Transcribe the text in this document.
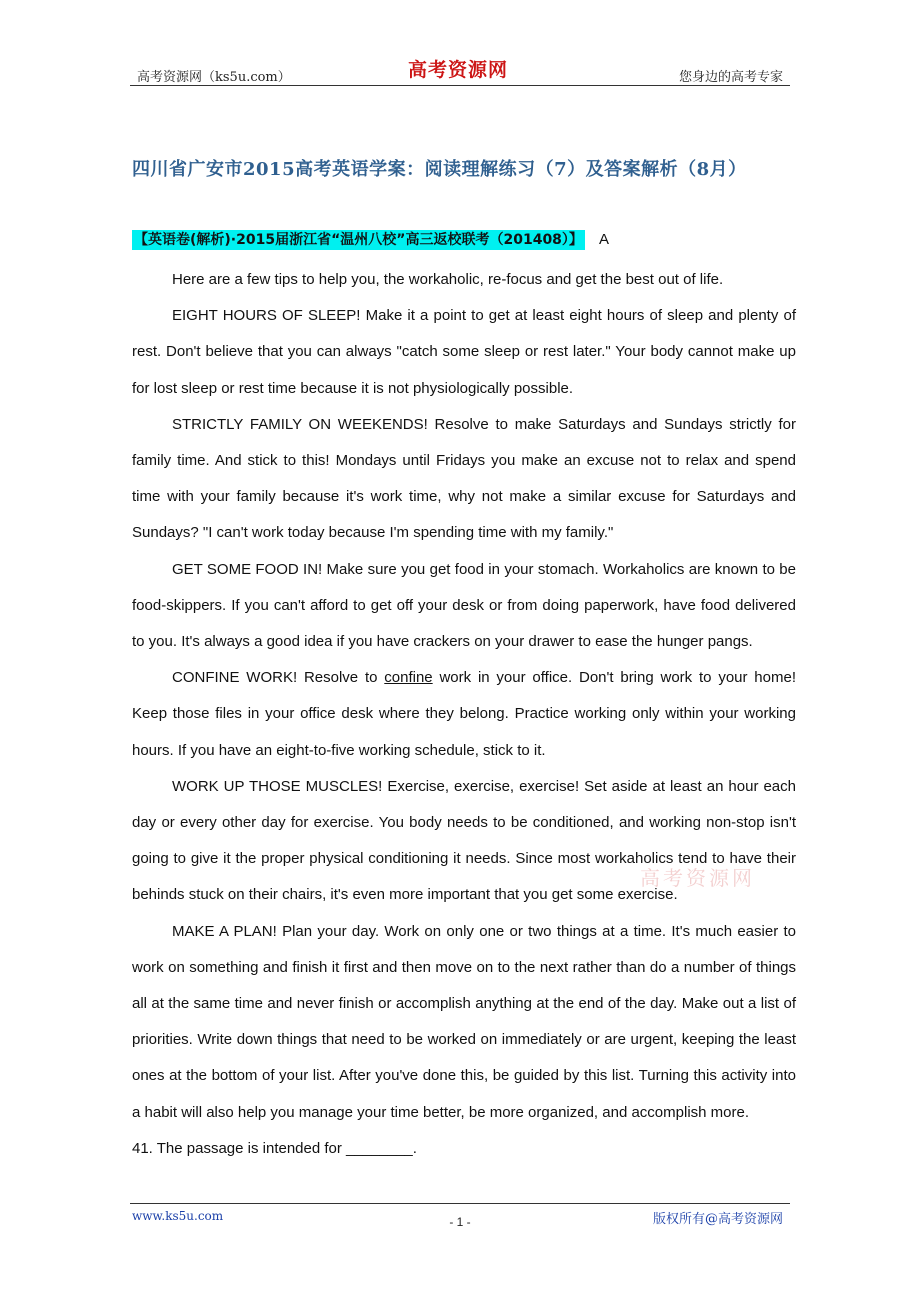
高考资源网（ks5u.com）	高考资源网	您身边的高考专家
四川省广安市2015高考英语学案：阅读理解练习（7）及答案解析（8月）
【英语卷(解析)·2015届浙江省“温州八校”高三返校联考（201408）】 A

Here are a few tips to help you, the workaholic, re-focus and get the best out of life.

EIGHT HOURS OF SLEEP! Make it a point to get at least eight hours of sleep and plenty of rest. Don't believe that you can always "catch some sleep or rest later." Your body cannot make up for lost sleep or rest time because it is not physiologically possible.

STRICTLY FAMILY ON WEEKENDS! Resolve to make Saturdays and Sundays strictly for family time. And stick to this! Mondays until Fridays you make an excuse not to relax and spend time with your family because it's work time, why not make a similar excuse for Saturdays and Sundays? "I can't work today because I'm spending time with my family."

GET SOME FOOD IN! Make sure you get food in your stomach. Workaholics are known to be food-skippers. If you can't afford to get off your desk or from doing paperwork, have food delivered to you. It's always a good idea if you have crackers on your drawer to ease the hunger pangs.

CONFINE WORK! Resolve to confine work in your office. Don't bring work to your home! Keep those files in your office desk where they belong. Practice working only within your working hours. If you have an eight-to-five working schedule, stick to it.

WORK UP THOSE MUSCLES! Exercise, exercise, exercise! Set aside at least an hour each day or every other day for exercise. You body needs to be conditioned, and working non-stop isn't going to give it the proper physical conditioning it needs. Since most workaholics tend to have their behinds stuck on their chairs, it's even more important that you get some exercise.

MAKE A PLAN! Plan your day. Work on only one or two things at a time. It's much easier to work on something and finish it first and then move on to the next rather than do a number of things all at the same time and never finish or accomplish anything at the end of the day. Make out a list of priorities. Write down things that need to be worked on immediately or are urgent, keeping the least ones at the bottom of your list. After you've done this, be guided by this list. Turning this activity into a habit will also help you manage your time better, be more organized, and accomplish more.

41. The passage is intended for ________.

高考资源网
www.ks5u.com	- 1 -	版权所有@高考资源网
